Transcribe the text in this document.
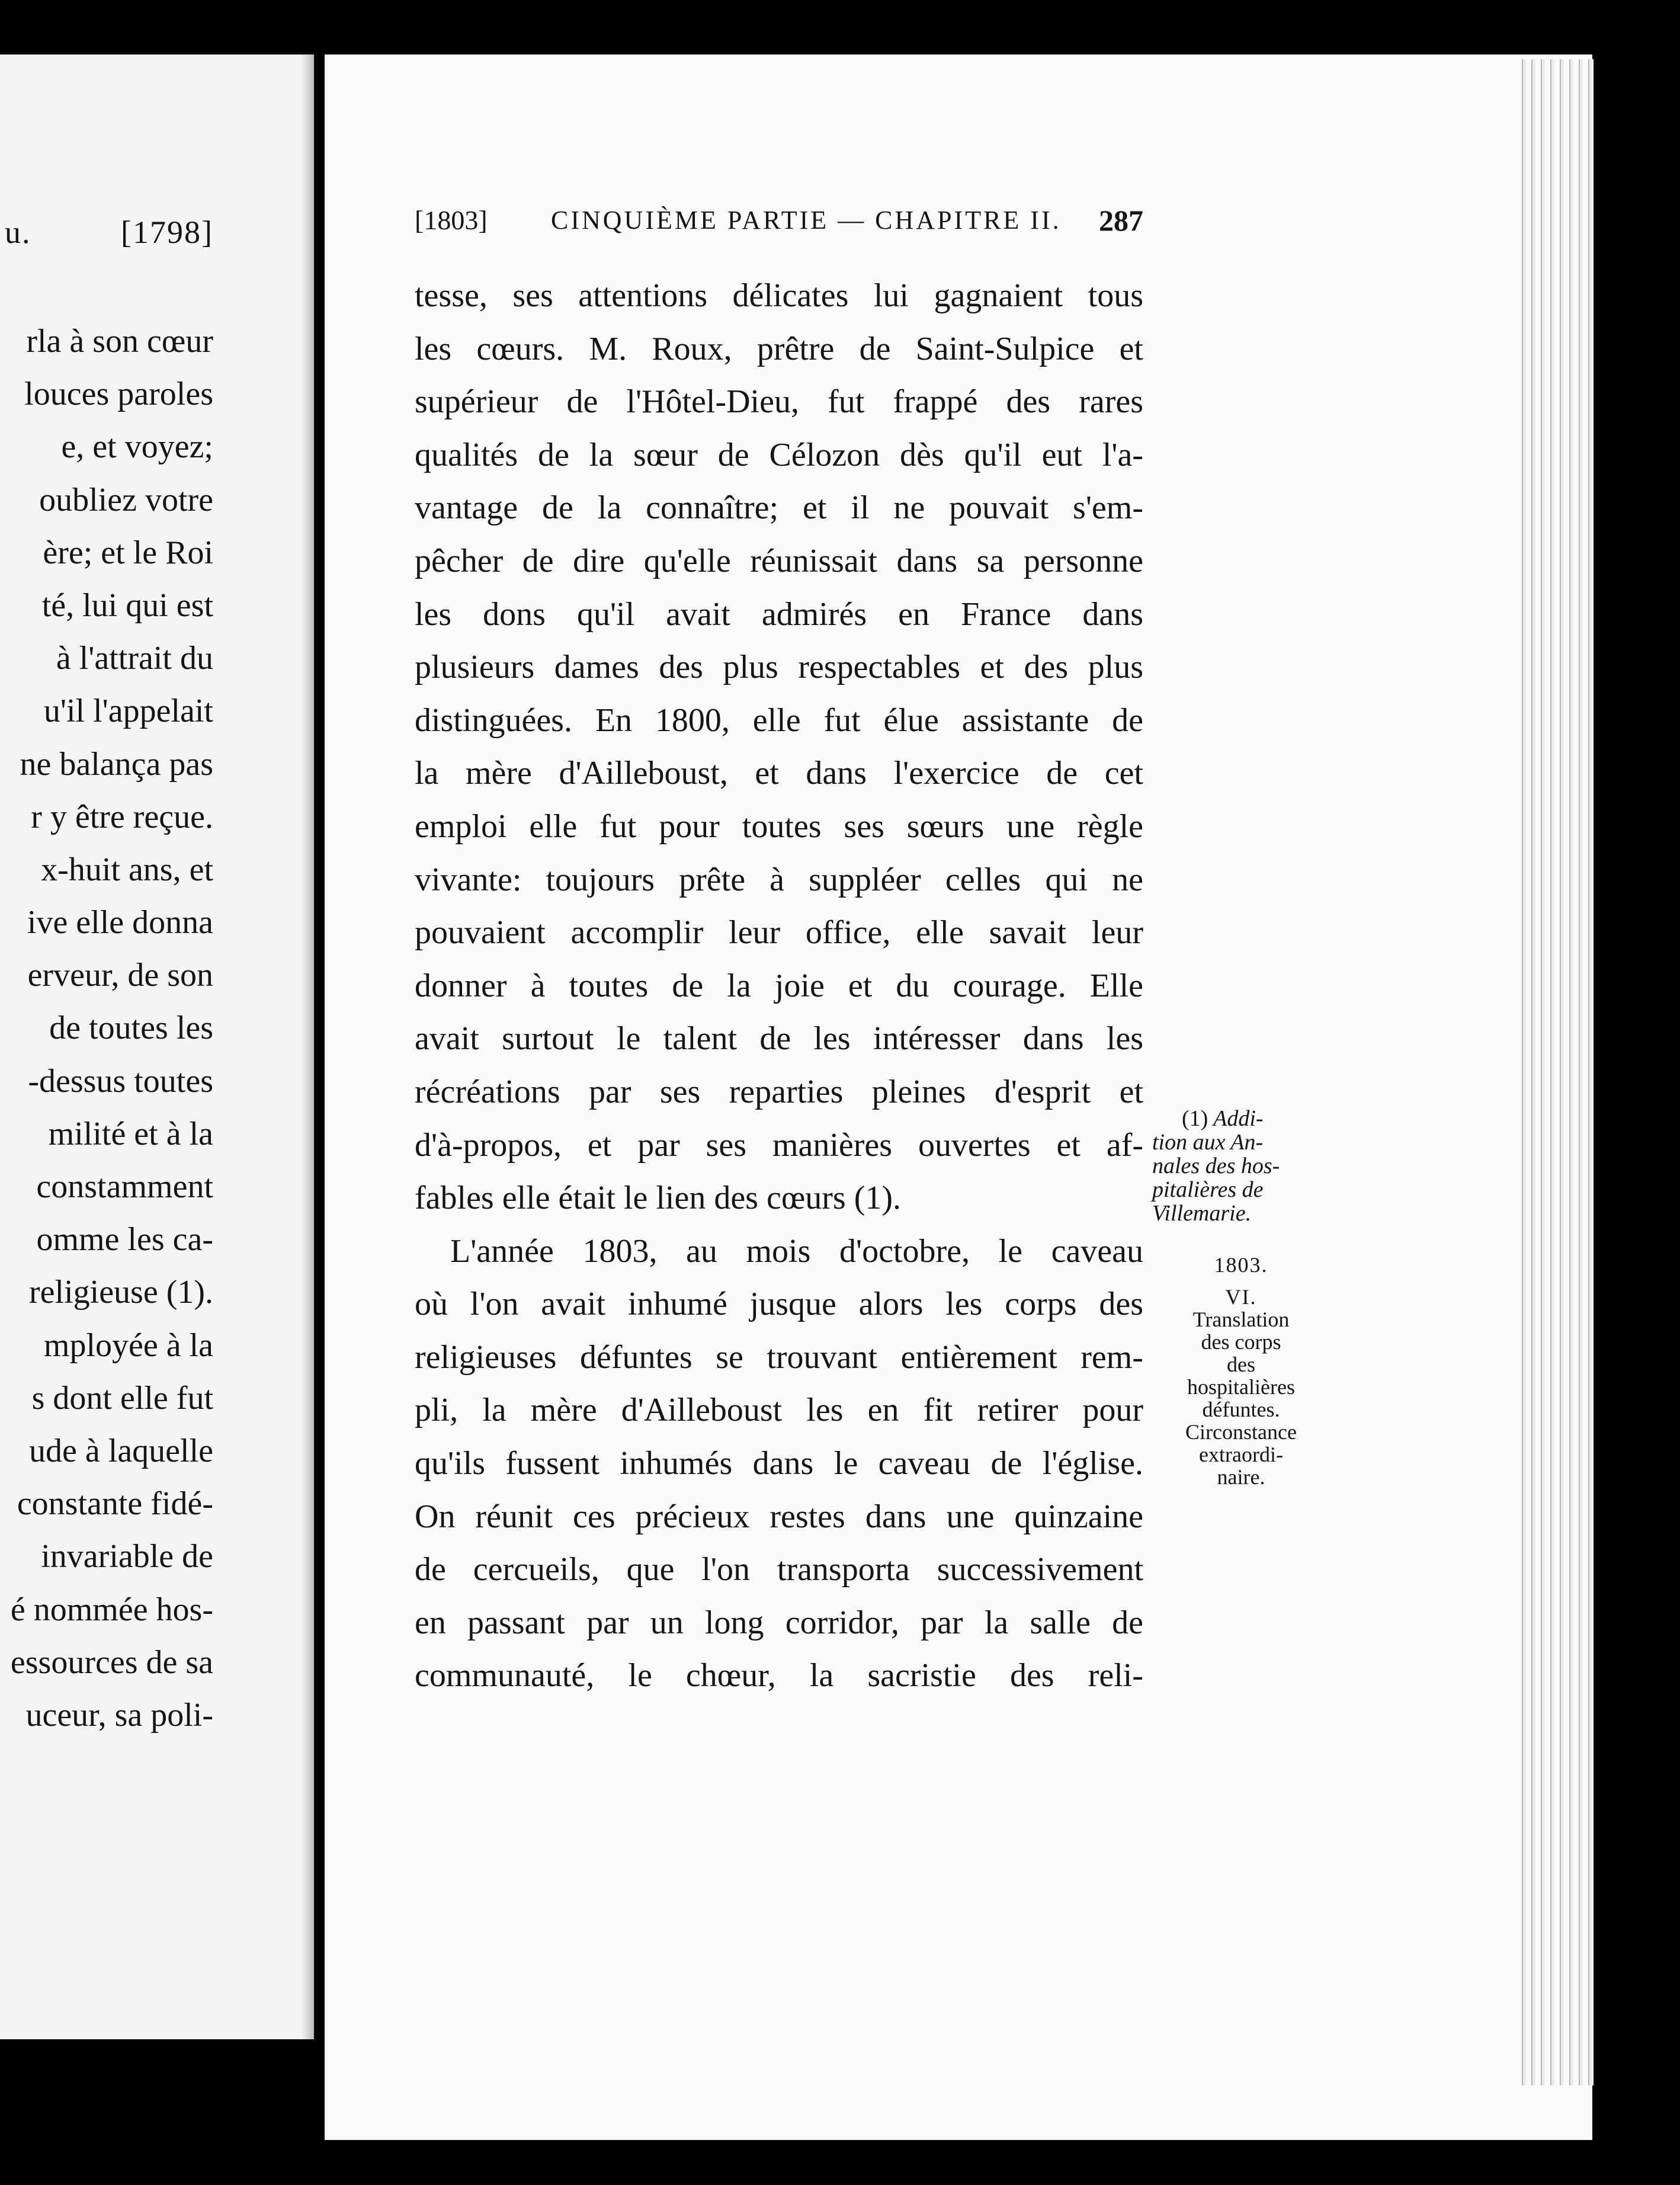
u.	[1798]
rla à son cœur
louces paroles
e, et voyez;
oubliez votre
ère; et le Roi
té, lui qui est
à l'attrait du
u'il l'appelait
ne balança pas
r y être reçue.
x-huit ans, et
ive elle donna
erveur, de son
de toutes les
-dessus toutes
milité et à la
constamment
omme les ca-
religieuse (1).
mployée à la
s dont elle fut
ude à laquelle
constante fidé-
invariable de
é nommée hos-
essources de sa
uceur, sa poli-
[1803] CINQUIÈME PARTIE — CHAPITRE II. 287
tesse, ses attentions délicates lui gagnaient tous
les cœurs. M. Roux, prêtre de Saint-Sulpice et
supérieur de l'Hôtel-Dieu, fut frappé des rares
qualités de la sœur de Célozon dès qu'il eut l'a-
vantage de la connaître; et il ne pouvait s'em-
pêcher de dire qu'elle réunissait dans sa personne
les dons qu'il avait admirés en France dans
plusieurs dames des plus respectables et des plus
distinguées. En 1800, elle fut élue assistante de
la mère d'Ailleboust, et dans l'exercice de cet
emploi elle fut pour toutes ses sœurs une règle
vivante: toujours prête à suppléer celles qui ne
pouvaient accomplir leur office, elle savait leur
donner à toutes de la joie et du courage. Elle
avait surtout le talent de les intéresser dans les
récréations par ses reparties pleines d'esprit et
d'à-propos, et par ses manières ouvertes et af-
fables elle était le lien des cœurs (1).
L'année 1803, au mois d'octobre, le caveau
où l'on avait inhumé jusque alors les corps des
religieuses défuntes se trouvant entièrement rem-
pli, la mère d'Ailleboust les en fit retirer pour
qu'ils fussent inhumés dans le caveau de l'église.
On réunit ces précieux restes dans une quinzaine
de cercueils, que l'on transporta successivement
en passant par un long corridor, par la salle de
communauté, le chœur, la sacristie des reli-
(1) Addi-
tion aux An-
nales des hos-
pitalières de
Villemarie.
1803.
VI.
Translation
des corps
des
hospitalières
défuntes.
Circonstance
extraordi-
naire.
